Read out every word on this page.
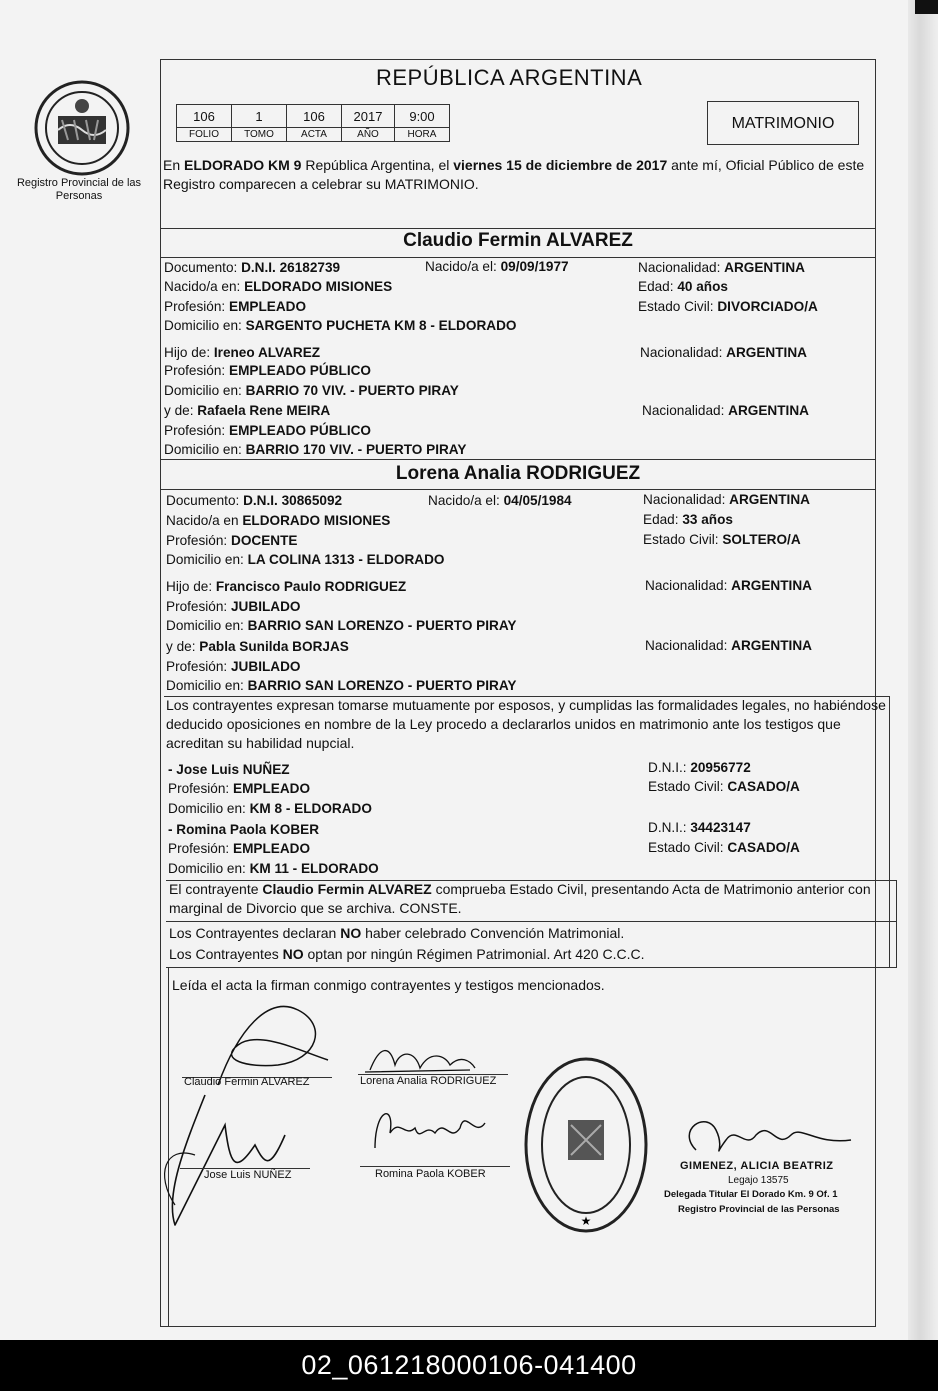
Registro Provincial de las Personas
REPÚBLICA ARGENTINA
106	1	106	2017	9:00
FOLIO	TOMO	ACTA	AÑO	HORA
MATRIMONIO
En ELDORADO KM 9 República Argentina, el viernes 15 de diciembre de 2017 ante mí, Oficial Público de este Registro comparecen a celebrar su MATRIMONIO.
Claudio Fermin ALVAREZ
Documento: D.N.I. 26182739	Nacido/a el: 09/09/1977	Nacionalidad: ARGENTINA
Nacido/a en: ELDORADO MISIONES	Edad: 40 años
Profesión: EMPLEADO	Estado Civil: DIVORCIADO/A
Domicilio en: SARGENTO PUCHETA KM 8 - ELDORADO
Hijo de: Ireneo ALVAREZ	Nacionalidad: ARGENTINA
Profesión: EMPLEADO PÚBLICO
Domicilio en: BARRIO 70 VIV. - PUERTO PIRAY
y de: Rafaela Rene MEIRA	Nacionalidad: ARGENTINA
Profesión: EMPLEADO PÚBLICO
Domicilio en: BARRIO 170 VIV. - PUERTO PIRAY
Lorena Analia RODRIGUEZ
Documento: D.N.I. 30865092	Nacido/a el: 04/05/1984	Nacionalidad: ARGENTINA
Nacido/a en ELDORADO MISIONES	Edad: 33 años
Profesión: DOCENTE	Estado Civil: SOLTERO/A
Domicilio en: LA COLINA 1313 - ELDORADO
Hijo de: Francisco Paulo RODRIGUEZ	Nacionalidad: ARGENTINA
Profesión: JUBILADO
Domicilio en: BARRIO SAN LORENZO - PUERTO PIRAY
y de: Pabla Sunilda BORJAS	Nacionalidad: ARGENTINA
Profesión: JUBILADO
Domicilio en: BARRIO SAN LORENZO - PUERTO PIRAY
Los contrayentes expresan tomarse mutuamente por esposos, y cumplidas las formalidades legales, no habiéndose deducido oposiciones en nombre de la Ley procedo a declararlos unidos en matrimonio ante los testigos que acreditan su habilidad nupcial.
- Jose Luis NUÑEZ	D.N.I.: 20956772
Profesión: EMPLEADO	Estado Civil: CASADO/A
Domicilio en: KM 8 - ELDORADO
- Romina Paola KOBER	D.N.I.: 34423147
Profesión: EMPLEADO	Estado Civil: CASADO/A
Domicilio en: KM 11 - ELDORADO
El contrayente Claudio Fermin ALVAREZ comprueba Estado Civil, presentando Acta de Matrimonio anterior con marginal de Divorcio que se archiva. CONSTE.
Los Contrayentes declaran NO haber celebrado Convención Matrimonial.
Los Contrayentes NO optan por ningún Régimen Patrimonial. Art 420 C.C.C.
Leída el acta la firman conmigo contrayentes y testigos mencionados.
Claudio Fermin ALVAREZ	Lorena Analia RODRIGUEZ
Jose Luis NUÑEZ	Romina Paola KOBER
★
GIMENEZ, ALICIA BEATRIZ
Legajo 13575
Delegada Titular El Dorado Km. 9 Of. 1
Registro Provincial de las Personas
02_061218000106-041400
